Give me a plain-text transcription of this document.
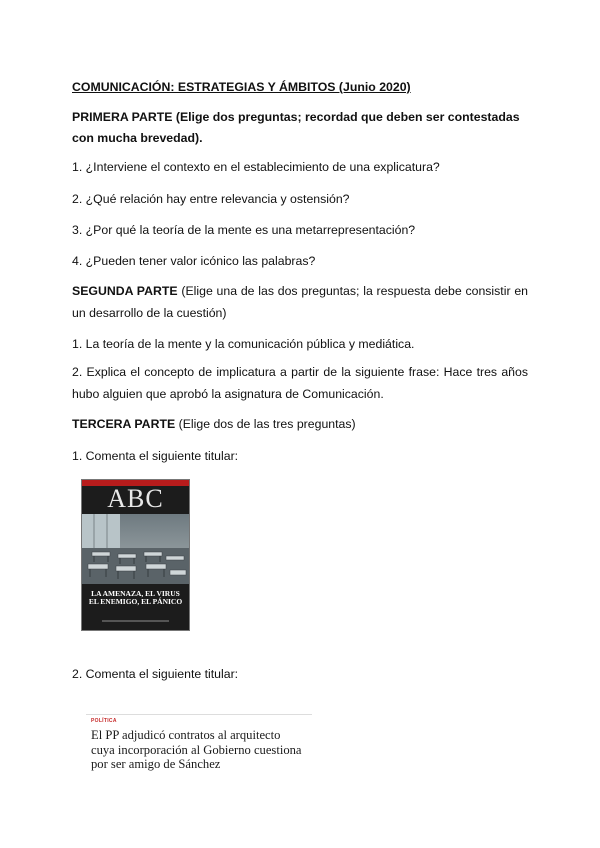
COMUNICACIÓN: ESTRATEGIAS Y ÁMBITOS (Junio 2020)
PRIMERA PARTE (Elige dos preguntas; recordad que deben ser contestadas
con mucha brevedad).
1. ¿Interviene el contexto en el establecimiento de una explicatura?
2. ¿Qué relación hay entre relevancia y ostensión?
3. ¿Por qué la teoría de la mente es una metarrepresentación?
4. ¿Pueden tener valor icónico las palabras?
SEGUNDA PARTE (Elige una de las dos preguntas; la respuesta debe consistir en un desarrollo de la cuestión)
1. La teoría de la mente y la comunicación pública y mediática.
2. Explica el concepto de implicatura a partir de la siguiente frase: Hace tres años hubo alguien que aprobó la asignatura de Comunicación.
TERCERA PARTE (Elige dos de las tres preguntas)
1. Comenta el siguiente titular:
2. Comenta el siguiente titular:
ABC
LA AMENAZA, EL VIRUS
EL ENEMIGO, EL PÁNICO
POLÍTICA
El PP adjudicó contratos al arquitecto
cuya incorporación al Gobierno cuestiona
por ser amigo de Sánchez
